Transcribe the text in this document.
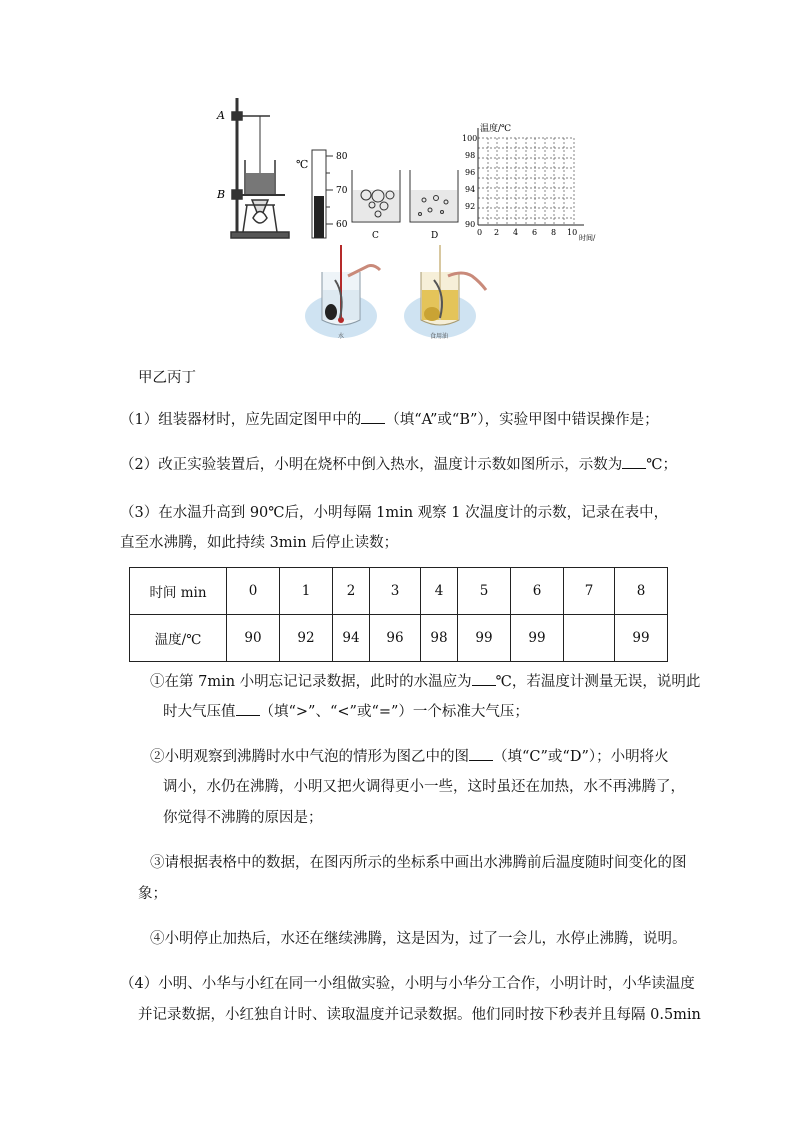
A
B
℃
80
70
60
C	D
温度/℃
100
98
96
94
92
90
0 2 4 6 8 10
时间/
水	食用油
甲乙丙丁
（1）组装器材时，应先固定图甲中的 （填“A”或“B”），实验甲图中错误操作是；
（2）改正实验装置后，小明在烧杯中倒入热水，温度计示数如图所示，示数为 ℃；
（3）在水温升高到 90℃后，小明每隔 1min 观察 1 次温度计的示数，记录在表中，直至水沸腾，如此持续 3min 后停止读数；
时间 min	0	1	2	3	4	5	6	7	8
温度/℃	90	92	94	96	98	99	99		99
①在第 7min 小明忘记记录数据，此时的水温应为 ℃，若温度计测量无误，说明此
时大气压值 （填“>”、“<”或“=”）一个标准大气压；
②小明观察到沸腾时水中气泡的情形为图乙中的图 （填“C”或“D”）；小明将火
调小，水仍在沸腾，小明又把火调得更小一些，这时虽还在加热，水不再沸腾了，
你觉得不沸腾的原因是；
③请根据表格中的数据，在图丙所示的坐标系中画出水沸腾前后温度随时间变化的图
象；
④小明停止加热后，水还在继续沸腾，这是因为，过了一会儿，水停止沸腾，说明。
（4）小明、小华与小红在同一小组做实验，小明与小华分工合作，小明计时，小华读温度
并记录数据，小红独自计时、读取温度并记录数据。他们同时按下秒表并且每隔 0.5min
